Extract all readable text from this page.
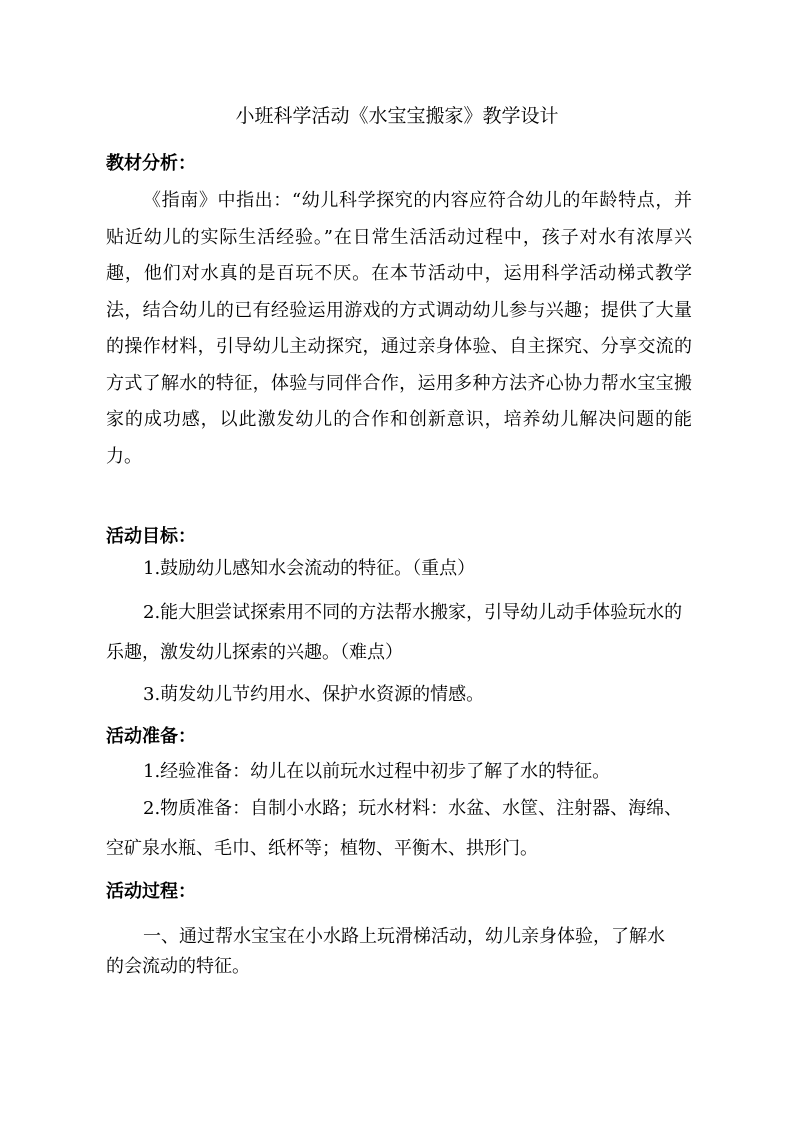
小班科学活动《水宝宝搬家》教学设计
教材分析：

《指南》中指出：“幼儿科学探究的内容应符合幼儿的年龄特点，并贴近幼儿的实际生活经验。”在日常生活活动过程中，孩子对水有浓厚兴趣，他们对水真的是百玩不厌。在本节活动中，运用科学活动梯式教学法，结合幼儿的已有经验运用游戏的方式调动幼儿参与兴趣；提供了大量的操作材料，引导幼儿主动探究，通过亲身体验、自主探究、分享交流的方式了解水的特征，体验与同伴合作，运用多种方法齐心协力帮水宝宝搬家的成功感，以此激发幼儿的合作和创新意识，培养幼儿解决问题的能力。

活动目标：

1.鼓励幼儿感知水会流动的特征。（重点）

2.能大胆尝试探索用不同的方法帮水搬家，引导幼儿动手体验玩水的乐趣，激发幼儿探索的兴趣。（难点）

3.萌发幼儿节约用水、保护水资源的情感。

活动准备：

1.经验准备：幼儿在以前玩水过程中初步了解了水的特征。

2.物质准备：自制小水路；玩水材料：水盆、水筐、注射器、海绵、空矿泉水瓶、毛巾、纸杯等；植物、平衡木、拱形门。

活动过程：

一、通过帮水宝宝在小水路上玩滑梯活动，幼儿亲身体验，了解水的会流动的特征。
